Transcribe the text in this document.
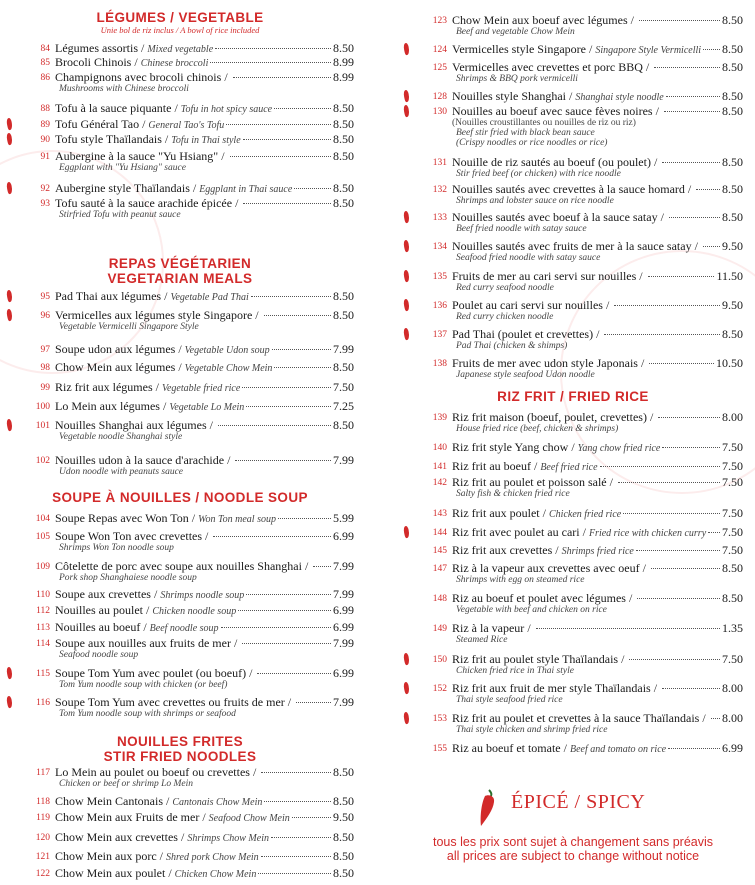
LÉGUMES / VEGETABLE
Unie bol de riz inclus / A bowl of rice included
84 Légumes assortis / Mixed vegetable	8.50
85 Brocoli Chinois / Chinese broccoli	8.99
86 Champignons avec brocoli chinois /	8.99
Mushrooms with Chinese broccoli
88 Tofu à la sauce piquante / Tofu in hot spicy sauce	8.50
89 Tofu Général Tao / General Tao's Tofu	8.50
90 Tofu style Thaïlandais / Tofu in Thai style	8.50
91 Aubergine à la sauce "Yu Hsiang" /	8.50
Eggplant with "Yu Hsiang" sauce
92 Aubergine style Thaïlandais / Eggplant in Thai sauce	8.50
93 Tofu sauté à la sauce arachide épicée /	8.50
Stirfried Tofu with peanut sauce
REPAS VÉGÉTARIEN
VEGETARIAN MEALS
95 Pad Thai aux légumes / Vegetable Pad Thai	8.50
96 Vermicelles aux légumes style Singapore /	8.50
Vegetable Vermicelli Singapore Style
97 Soupe udon aux légumes / Vegetable Udon soup	7.99
98 Chow Mein aux légumes / Vegetable Chow Mein	8.50
99 Riz frit aux légumes / Vegetable fried rice	7.50
100 Lo Mein aux légumes / Vegetable Lo Mein	7.25
101 Nouilles Shanghai aux légumes /	8.50
Vegetable noodle Shanghai style
102 Nouilles udon à la sauce d'arachide /	7.99
Udon noodle with peanuts sauce
SOUPE À NOUILLES / NOODLE SOUP
104 Soupe Repas avec Won Ton / Won Ton meal soup	5.99
105 Soupe Won Ton avec crevettes /	6.99
Shrimps Won Ton noodle soup
109 Côtelette de porc avec soupe aux nouilles Shanghai / 7.99
Pork shop Shanghaiese noodle soup
110 Soupe aux crevettes / Shrimps noodle soup	7.99
112 Nouilles au poulet / Chicken noodle soup	6.99
113 Nouilles au boeuf / Beef noodle soup	6.99
114 Soupe aux nouilles aux fruits de mer /	7.99
Seafood noodle soup
115 Soupe Tom Yum avec poulet (ou boeuf) /	6.99
Tom Yum noodle soup with chicken (or beef)
116 Soupe Tom Yum avec crevettes ou fruits de mer /	7.99
Tom Yum noodle soup with shrimps or seafood
NOUILLES FRITES
STIR FRIED NOODLES
117 Lo Mein au poulet ou boeuf ou crevettes /	8.50
Chicken or beef or shrimp Lo Mein
118 Chow Mein Cantonais / Cantonais Chow Mein	8.50
119 Chow Mein aux Fruits de mer / Seafood Chow Mein	9.50
120 Chow Mein aux crevettes / Shrimps Chow Mein	8.50
121 Chow Mein aux porc / Shred pork Chow Mein	8.50
122 Chow Mein aux poulet / Chicken Chow Mein	8.50
123 Chow Mein aux boeuf avec légumes /	8.50
Beef and vegetable Chow Mein
124 Vermicelles style Singapore / Singapore Style Vermicelli 8.50
125 Vermicelles avec crevettes et porc BBQ /	8.50
Shrimps & BBQ pork vermicelli
128 Nouilles style Shanghai / Shanghai style noodle	8.50
130 Nouilles au boeuf avec sauce fèves noires /	8.50
(Nouilles croustillantes ou nouilles de riz ou riz)
Beef stir fried with black bean sauce
(Crispy noodles or rice noodles or rice)
131 Nouille de riz sautés au boeuf (ou poulet) /	8.50
Stir fried beef (or chicken) with rice noodle
132 Nouilles sautés avec crevettes à la sauce homard / 8.50
Shrimps and lobster sauce on rice noodle
133 Nouilles sautés avec boeuf à la sauce satay /	8.50
Beef fried noodle with satay sauce
134 Nouilles sautés avec fruits de mer à la sauce satay / 9.50
Seafood fried noodle with satay sauce
135 Fruits de mer au cari servi sur nouilles /	11.50
Red curry seafood noodle
136 Poulet au cari servi sur nouilles /	9.50
Red curry chicken noodle
137 Pad Thai (poulet et crevettes) /	8.50
Pad Thai (chicken & shimps)
138 Fruits de mer avec udon style Japonais /	10.50
Japanese style seafood Udon noodle
RIZ FRIT / FRIED RICE
139 Riz frit maison (boeuf, poulet, crevettes) /	8.00
House fried rice (beef, chicken & shrimps)
140 Riz frit style Yang chow / Yang chow fried rice	7.50
141 Riz frit au boeuf / Beef fried rice	7.50
142 Riz frit au poulet et poisson salé /	7.50
Salty fish & chicken fried rice
143 Riz frit aux poulet / Chicken fried rice	7.50
144 Riz frit avec poulet au cari / Fried rice with chicken curry 7.50
145 Riz frit aux crevettes / Shrimps fried rice	7.50
147 Riz à la vapeur aux crevettes avec oeuf /	8.50
Shrimps with egg on steamed rice
148 Riz au boeuf et poulet avec légumes /	8.50
Vegetable with beef and chicken on rice
149 Riz à la vapeur /	1.35
Steamed Rice
150 Riz frit au poulet style Thaïlandais /	7.50
Chicken fried rice in Thai style
152 Riz frit aux fruit de mer style Thaïlandais /	8.00
Thai style seafood fried rice
153 Riz frit au poulet et crevettes à la sauce Thaïlandais / 8.00
Thai style chicken and shrimp fried rice
155 Riz au boeuf et tomate / Beef and tomato on rice	6.99
ÉPICÉ / SPICY
tous les prix sont sujet à changement sans préavis
all prices are subject to change without notice
